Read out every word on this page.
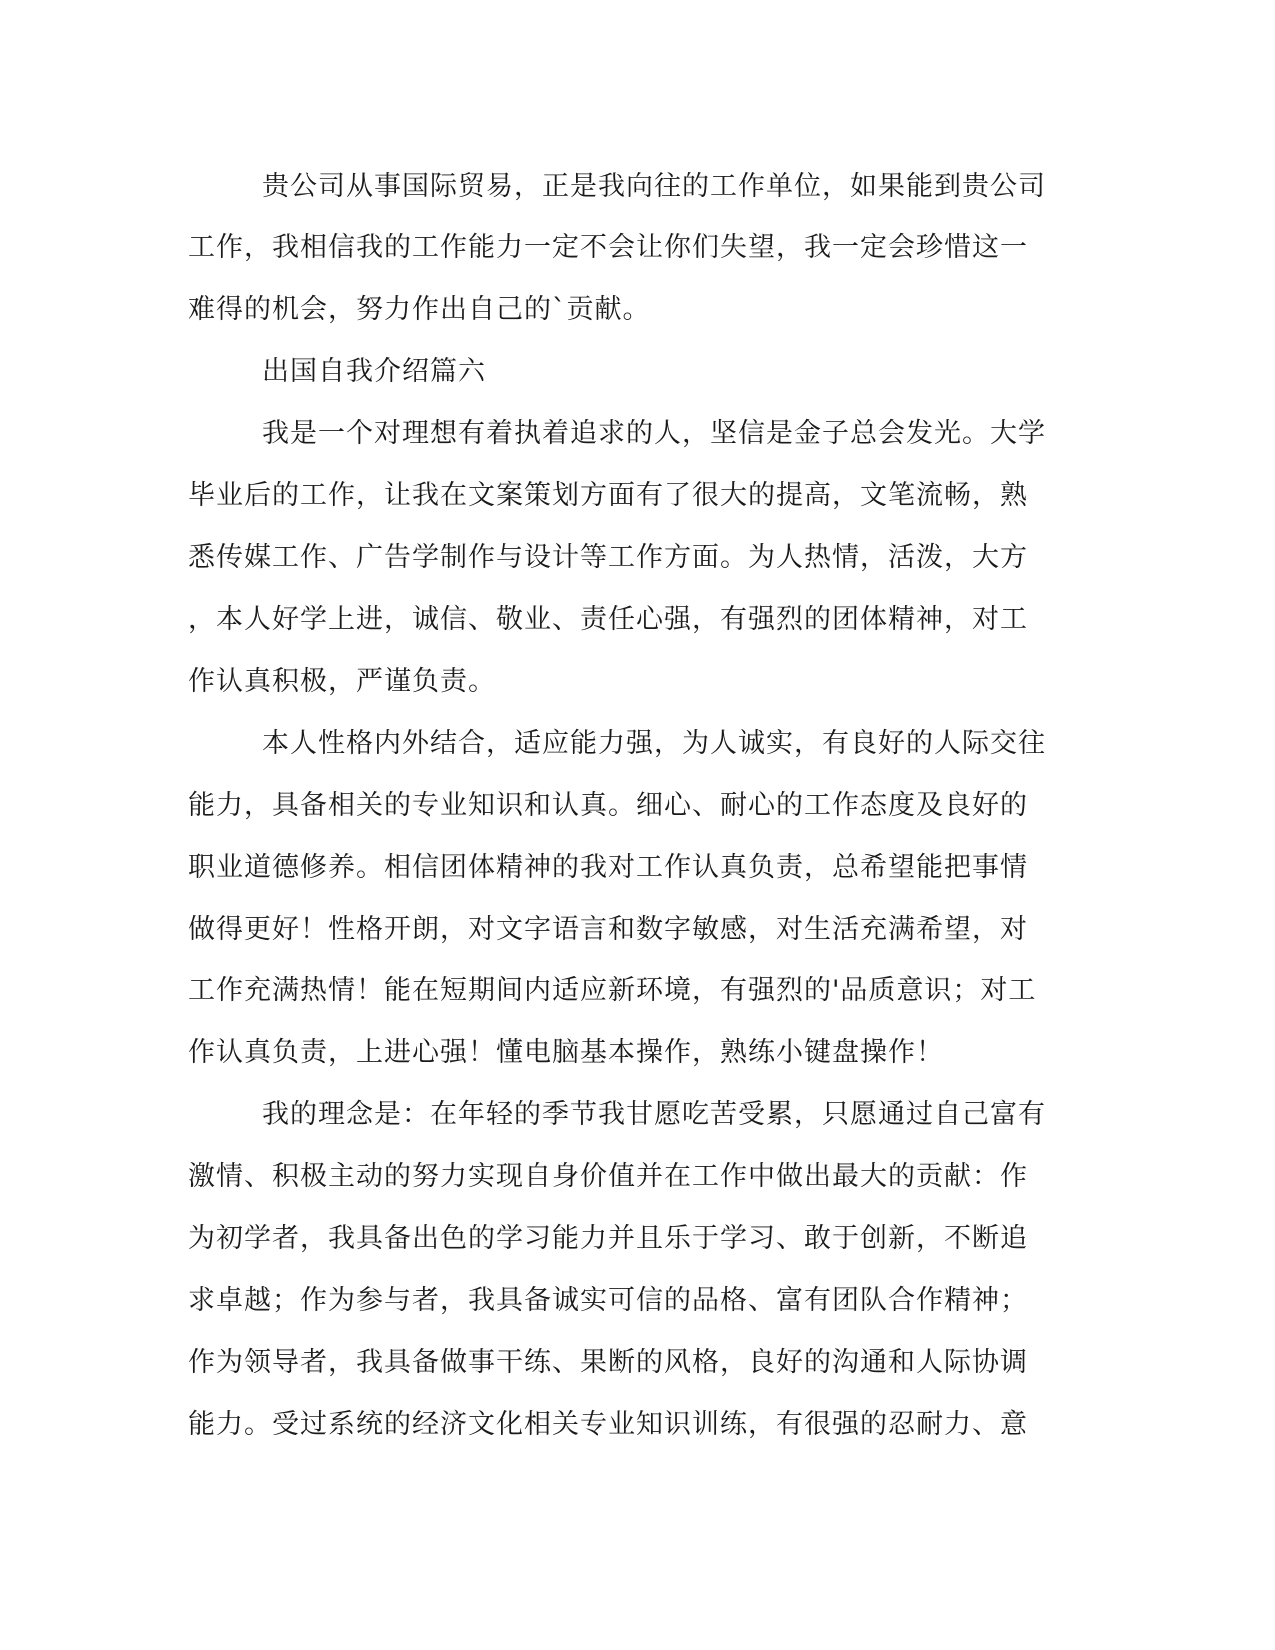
贵公司从事国际贸易，正是我向往的工作单位，如果能到贵公司
工作，我相信我的工作能力一定不会让你们失望，我一定会珍惜这一
难得的机会，努力作出自己的`贡献。
出国自我介绍篇六
我是一个对理想有着执着追求的人，坚信是金子总会发光。大学
毕业后的工作，让我在文案策划方面有了很大的提高，文笔流畅，熟
悉传媒工作、广告学制作与设计等工作方面。为人热情，活泼，大方
，本人好学上进，诚信、敬业、责任心强，有强烈的团体精神，对工
作认真积极，严谨负责。
本人性格内外结合，适应能力强，为人诚实，有良好的人际交往
能力，具备相关的专业知识和认真。细心、耐心的工作态度及良好的
职业道德修养。相信团体精神的我对工作认真负责，总希望能把事情
做得更好！性格开朗，对文字语言和数字敏感，对生活充满希望，对
工作充满热情！能在短期间内适应新环境，有强烈的'品质意识；对工
作认真负责，上进心强！懂电脑基本操作，熟练小键盘操作！
我的理念是：在年轻的季节我甘愿吃苦受累，只愿通过自己富有
激情、积极主动的努力实现自身价值并在工作中做出最大的贡献：作
为初学者，我具备出色的学习能力并且乐于学习、敢于创新，不断追
求卓越；作为参与者，我具备诚实可信的品格、富有团队合作精神；
作为领导者，我具备做事干练、果断的风格，良好的沟通和人际协调
能力。受过系统的经济文化相关专业知识训练，有很强的忍耐力、意
